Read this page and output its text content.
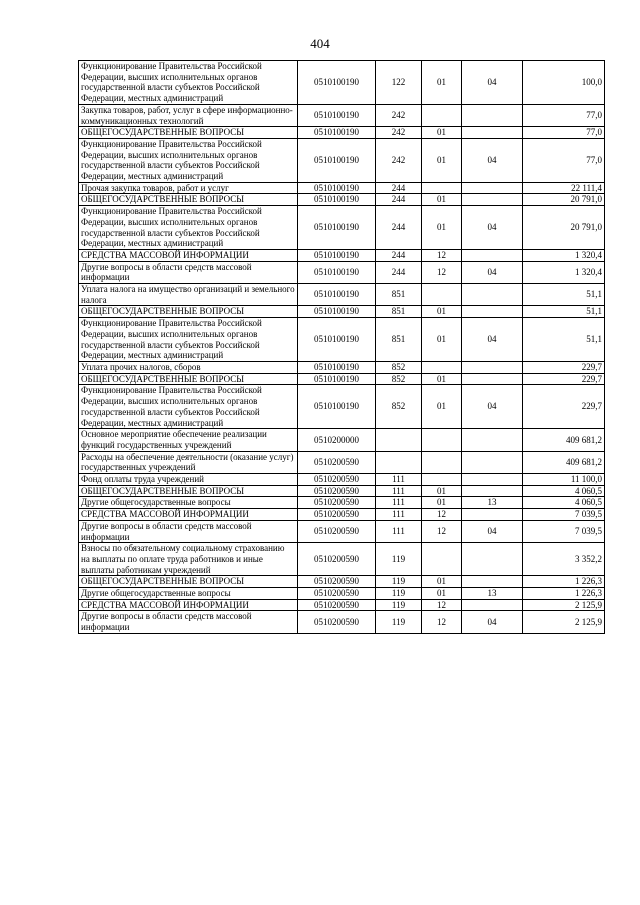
404
Функционирование Правительства Российской Федерации, высших исполнительных органов государственной власти субъектов Российской Федерации, местных администраций	0510100190	122	01	04	100,0
Закупка товаров, работ, услуг в сфере информационно-коммуникационных технологий	0510100190	242			77,0
ОБЩЕГОСУДАРСТВЕННЫЕ ВОПРОСЫ	0510100190	242	01		77,0
Функционирование Правительства Российской Федерации, высших исполнительных органов государственной власти субъектов Российской Федерации, местных администраций	0510100190	242	01	04	77,0
Прочая закупка товаров, работ и услуг	0510100190	244			22 111,4
ОБЩЕГОСУДАРСТВЕННЫЕ ВОПРОСЫ	0510100190	244	01		20 791,0
Функционирование Правительства Российской Федерации, высших исполнительных органов государственной власти субъектов Российской Федерации, местных администраций	0510100190	244	01	04	20 791,0
СРЕДСТВА МАССОВОЙ ИНФОРМАЦИИ	0510100190	244	12		1 320,4
Другие вопросы в области средств массовой информации	0510100190	244	12	04	1 320,4
Уплата налога на имущество организаций и земельного налога	0510100190	851			51,1
ОБЩЕГОСУДАРСТВЕННЫЕ ВОПРОСЫ	0510100190	851	01		51,1
Функционирование Правительства Российской Федерации, высших исполнительных органов государственной власти субъектов Российской Федерации, местных администраций	0510100190	851	01	04	51,1
Уплата прочих налогов, сборов	0510100190	852			229,7
ОБЩЕГОСУДАРСТВЕННЫЕ ВОПРОСЫ	0510100190	852	01		229,7
Функционирование Правительства Российской Федерации, высших исполнительных органов государственной власти субъектов Российской Федерации, местных администраций	0510100190	852	01	04	229,7
Основное мероприятие обеспечение реализации функций государственных учреждений	0510200000				409 681,2
Расходы на обеспечение деятельности (оказание услуг) государственных учреждений	0510200590				409 681,2
Фонд оплаты труда учреждений	0510200590	111			11 100,0
ОБЩЕГОСУДАРСТВЕННЫЕ ВОПРОСЫ	0510200590	111	01		4 060,5
Другие общегосударственные вопросы	0510200590	111	01	13	4 060,5
СРЕДСТВА МАССОВОЙ ИНФОРМАЦИИ	0510200590	111	12		7 039,5
Другие вопросы в области средств массовой информации	0510200590	111	12	04	7 039,5
Взносы по обязательному социальному страхованию на выплаты по оплате труда работников и иные выплаты работникам учреждений	0510200590	119			3 352,2
ОБЩЕГОСУДАРСТВЕННЫЕ ВОПРОСЫ	0510200590	119	01		1 226,3
Другие общегосударственные вопросы	0510200590	119	01	13	1 226,3
СРЕДСТВА МАССОВОЙ ИНФОРМАЦИИ	0510200590	119	12		2 125,9
Другие вопросы в области средств массовой информации	0510200590	119	12	04	2 125,9
